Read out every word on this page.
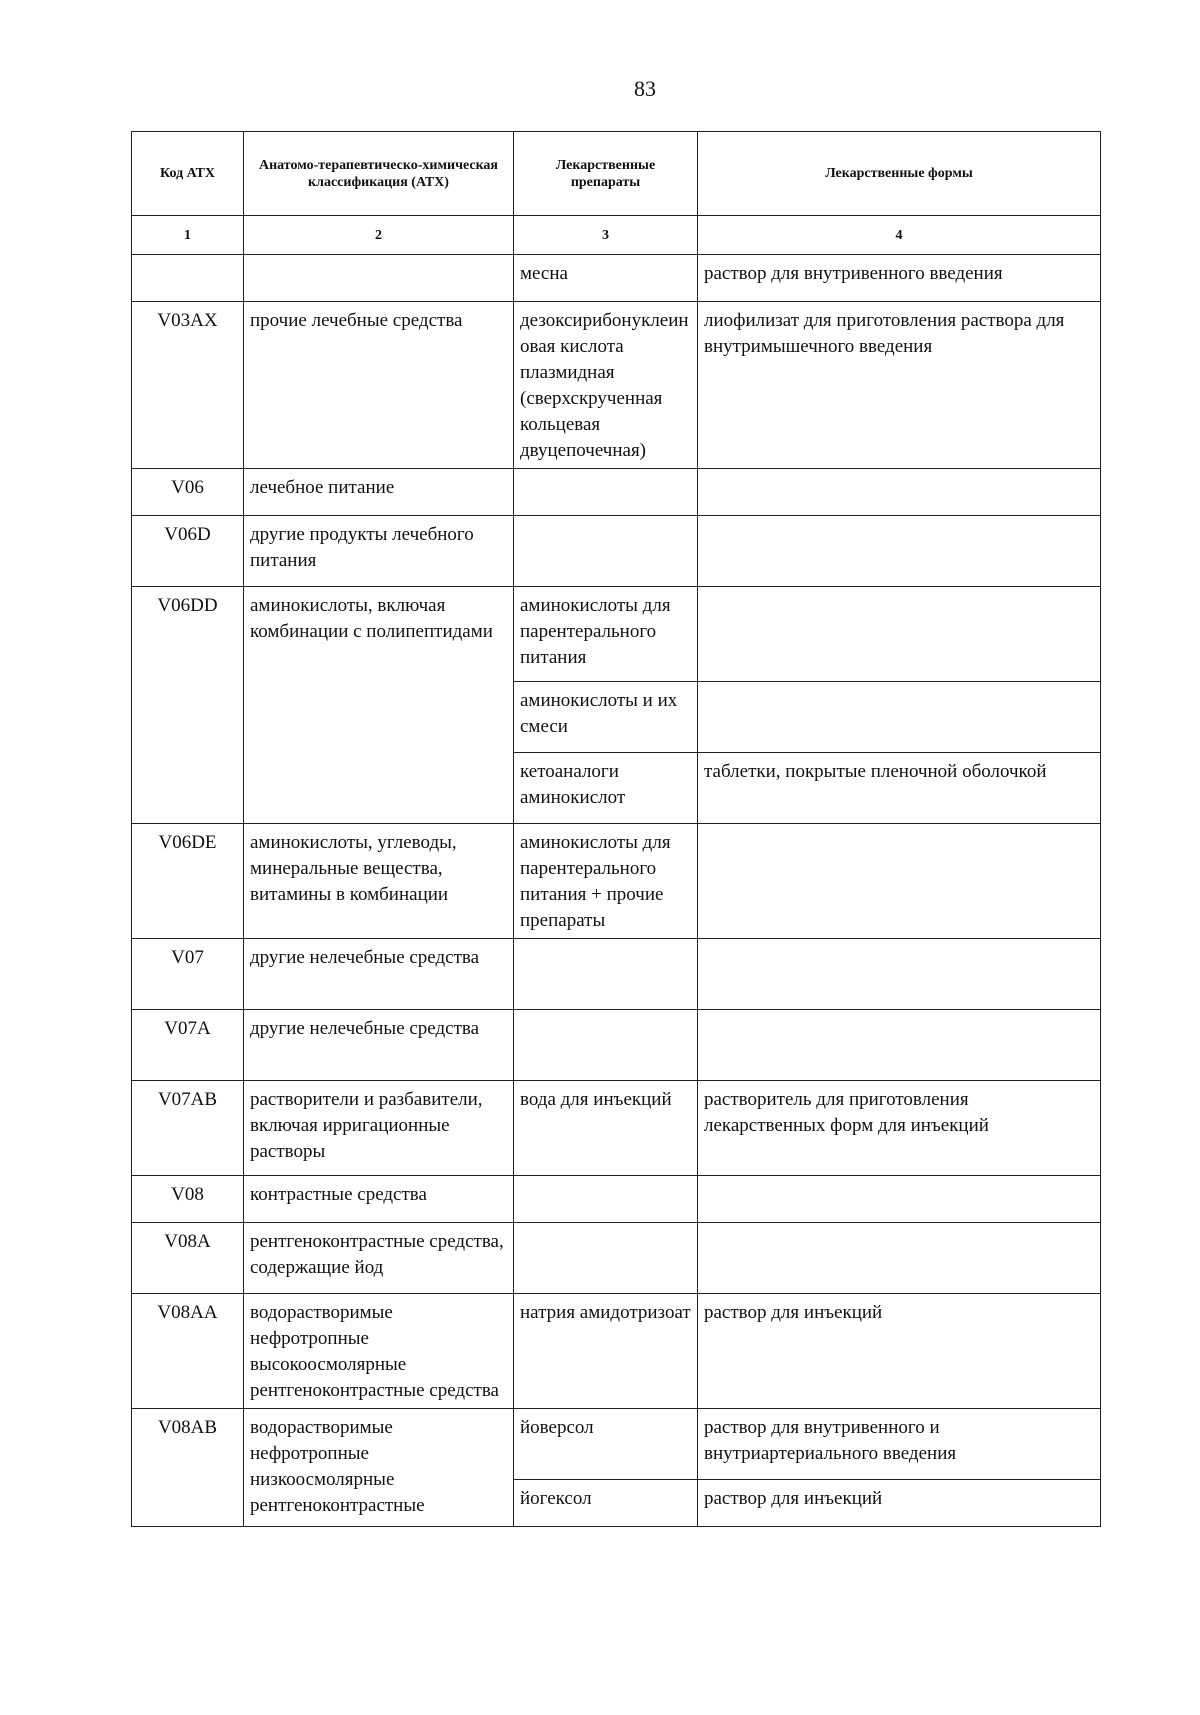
83
Код АТХ	Анатомо-терапевтическо-химическая классификация (АТХ)	Лекарственные препараты	Лекарственные формы
1	2	3	4
		месна	раствор для внутривенного введения
V03AX	прочие лечебные средства	дезоксирибонуклеиновая кислота плазмидная (сверхскрученная кольцевая двуцепочечная)	лиофилизат для приготовления раствора для внутримышечного введения
V06	лечебное питание		
V06D	другие продукты лечебного питания		
V06DD	аминокислоты, включая комбинации с полипептидами	аминокислоты для парентерального питания	
		аминокислоты и их смеси	
		кетоаналоги аминокислот	таблетки, покрытые пленочной оболочкой
V06DE	аминокислоты, углеводы, минеральные вещества, витамины в комбинации	аминокислоты для парентерального питания + прочие препараты	
V07	другие нелечебные средства		
V07A	другие нелечебные средства		
V07AB	растворители и разбавители, включая ирригационные растворы	вода для инъекций	растворитель для приготовления лекарственных форм для инъекций
V08	контрастные средства		
V08A	рентгеноконтрастные средства, содержащие йод		
V08AA	водорастворимые нефротропные высокоосмолярные рентгеноконтрастные средства	натрия амидотризоат	раствор для инъекций
V08AB	водорастворимые нефротропные низкоосмолярные рентгеноконтрастные	йоверсол	раствор для внутривенного и внутриартериального введения
		йогексол	раствор для инъекций
